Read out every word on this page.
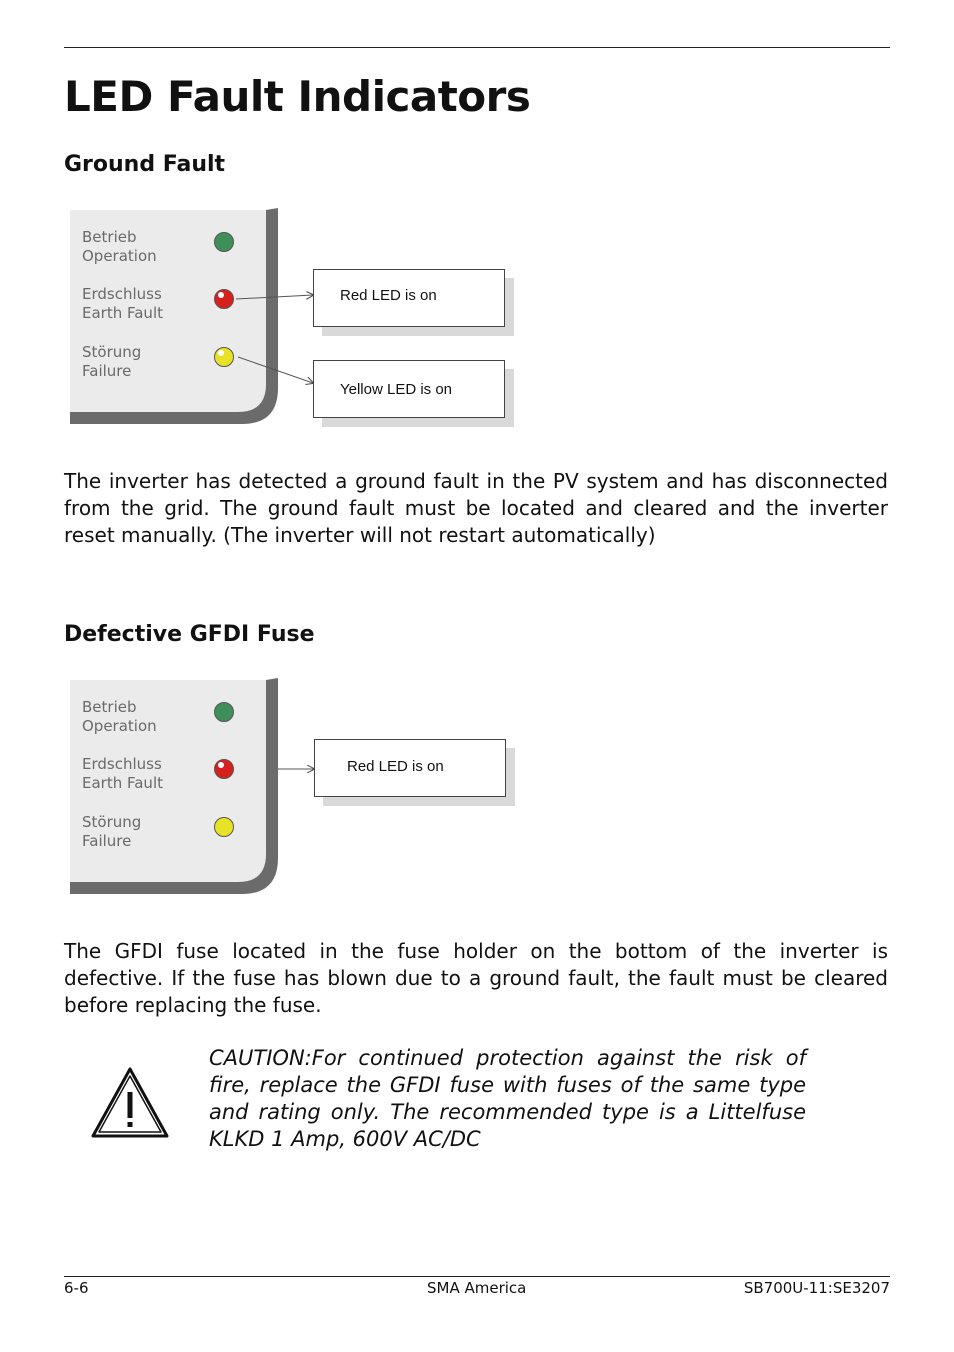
LED Fault Indicators
Ground Fault
Betrieb
Operation
Erdschluss
Earth Fault
Störung
Failure
Red LED is on
Yellow LED is on

The inverter has detected a ground fault in the PV system and has disconnected from the grid. The ground fault must be located and cleared and the inverter reset manually. (The inverter will not restart automatically)

Defective GFDI Fuse
Betrieb
Operation
Erdschluss
Earth Fault
Störung
Failure
Red LED is on

The GFDI fuse located in the fuse holder on the bottom of the inverter is defective. If the fuse has blown due to a ground fault, the fault must be cleared before replacing the fuse.

CAUTION:For continued protection against the risk of fire, replace the GFDI fuse with fuses of the same type and rating only. The recommended type is a Littelfuse KLKD 1 Amp, 600V AC/DC

6-6	SMA America	SB700U-11:SE3207
